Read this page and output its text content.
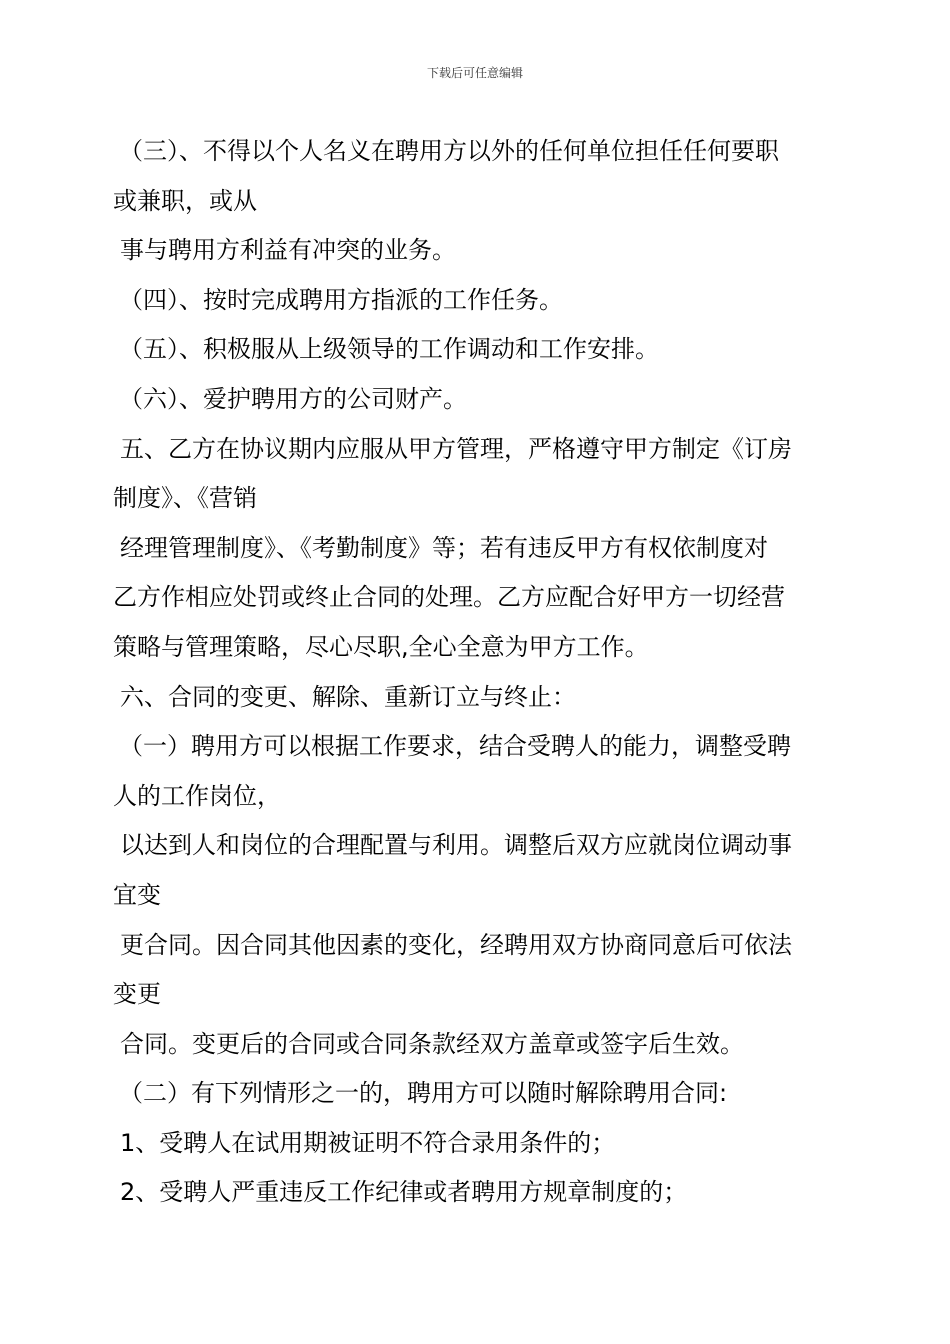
下载后可任意编辑
（三）、不得以个人名义在聘用方以外的任何单位担任任何要职
或兼职，或从
事与聘用方利益有冲突的业务。
（四）、按时完成聘用方指派的工作任务。
（五）、积极服从上级领导的工作调动和工作安排。
（六）、爱护聘用方的公司财产。
五、乙方在协议期内应服从甲方管理，严格遵守甲方制定《订房
制度》、《营销
经理管理制度》、《考勤制度》等；若有违反甲方有权依制度对
乙方作相应处罚或终止合同的处理。乙方应配合好甲方一切经营
策略与管理策略，尽心尽职,全心全意为甲方工作。
六、合同的变更、解除、重新订立与终止：
（一）聘用方可以根据工作要求，结合受聘人的能力，调整受聘
人的工作岗位，
以达到人和岗位的合理配置与利用。调整后双方应就岗位调动事
宜变
更合同。因合同其他因素的变化，经聘用双方协商同意后可依法
变更
合同。变更后的合同或合同条款经双方盖章或签字后生效。
（二）有下列情形之一的，聘用方可以随时解除聘用合同:
1、受聘人在试用期被证明不符合录用条件的；
2、受聘人严重违反工作纪律或者聘用方规章制度的；
